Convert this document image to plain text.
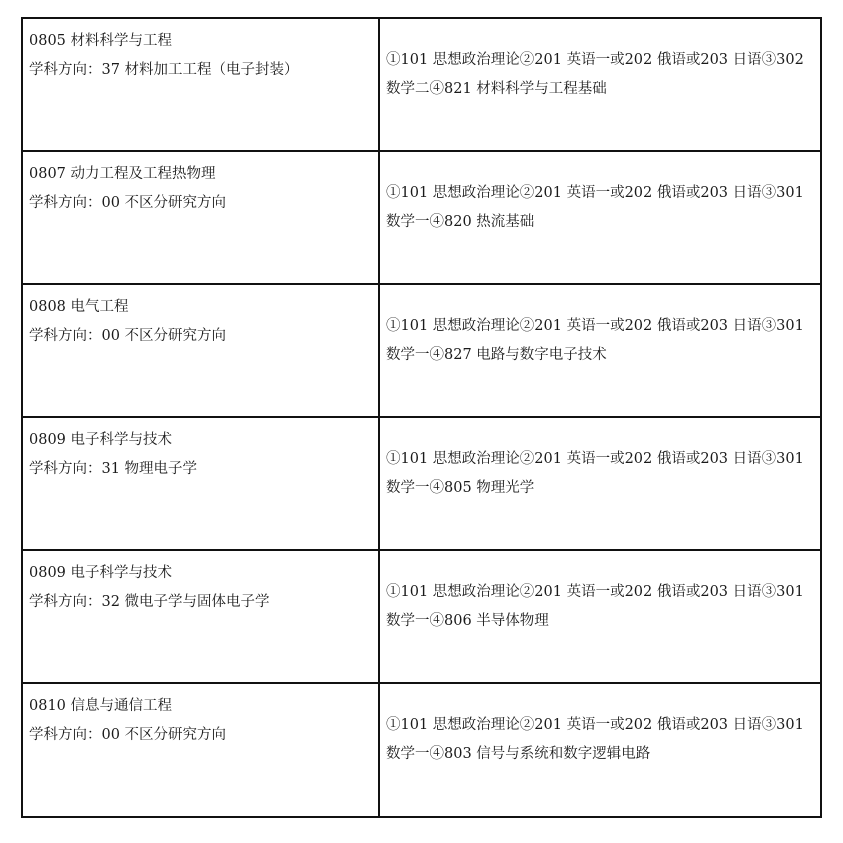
0805 材料科学与工程
学科方向：37 材料加工工程（电子封装）
①101 思想政治理论②201 英语一或202 俄语或203 日语③302
数学二④821 材料科学与工程基础
0807 动力工程及工程热物理
学科方向：00 不区分研究方向
①101 思想政治理论②201 英语一或202 俄语或203 日语③301
数学一④820 热流基础
0808 电气工程
学科方向：00 不区分研究方向
①101 思想政治理论②201 英语一或202 俄语或203 日语③301
数学一④827 电路与数字电子技术
0809 电子科学与技术
学科方向：31 物理电子学
①101 思想政治理论②201 英语一或202 俄语或203 日语③301
数学一④805 物理光学
0809 电子科学与技术
学科方向：32 微电子学与固体电子学
①101 思想政治理论②201 英语一或202 俄语或203 日语③301
数学一④806 半导体物理
0810 信息与通信工程
学科方向：00 不区分研究方向
①101 思想政治理论②201 英语一或202 俄语或203 日语③301
数学一④803 信号与系统和数字逻辑电路
